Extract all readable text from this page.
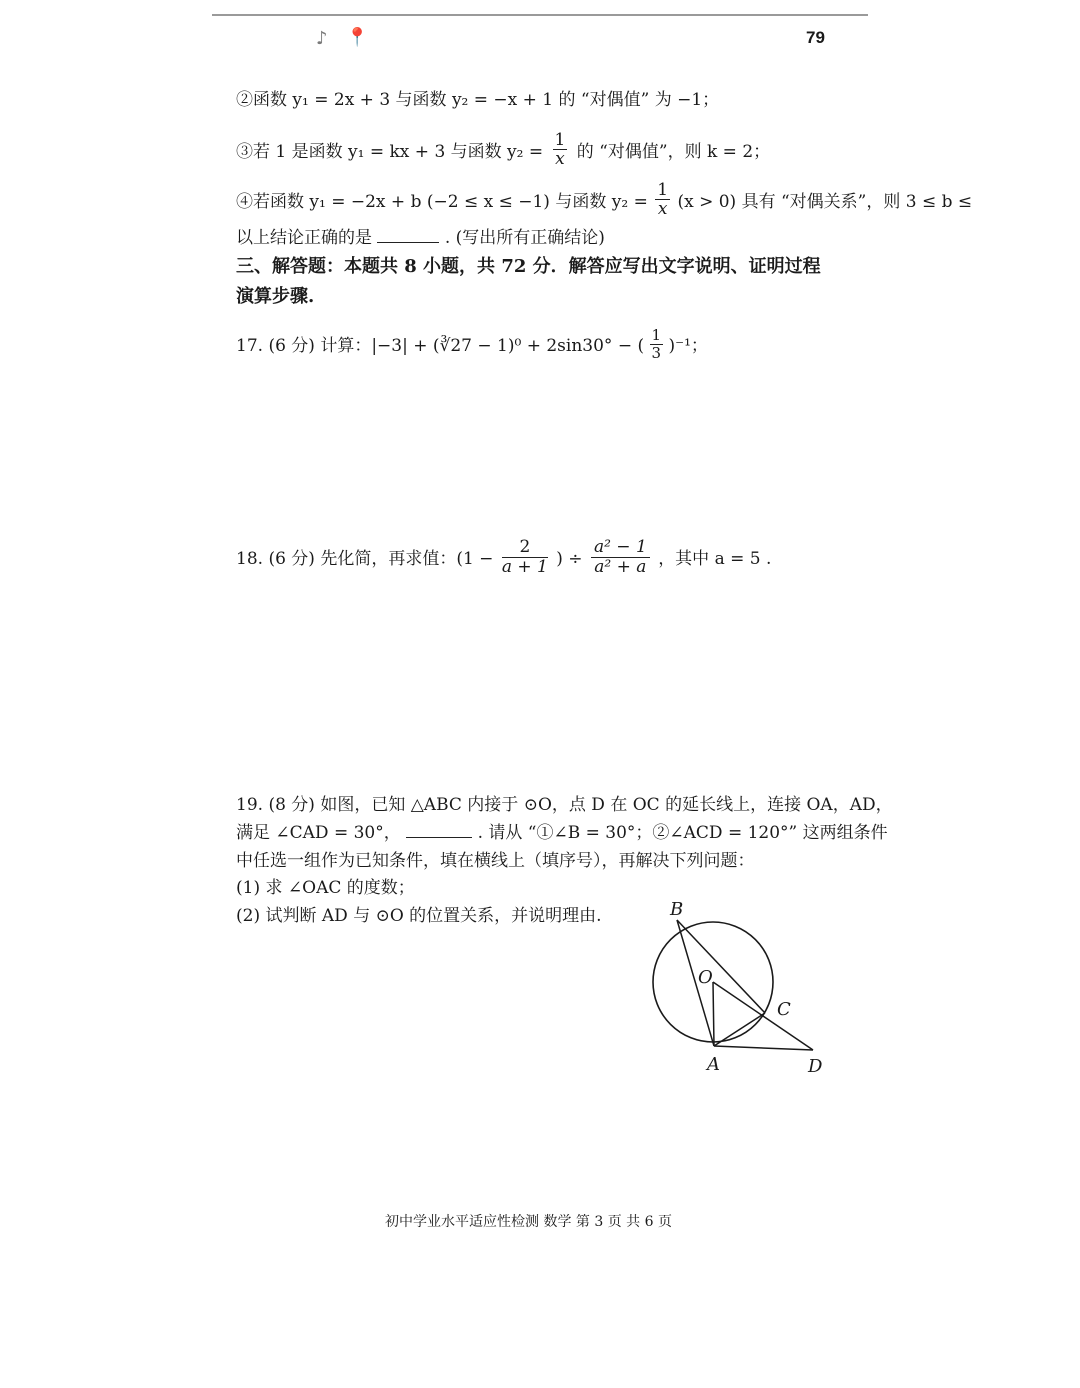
♪ 📍	79
②函数 y₁ = 2x + 3 与函数 y₂ = −x + 1 的 “对偶值” 为 −1；
③若 1 是函数 y₁ = kx + 3 与函数 $y_2 = \frac{1}{x}$ 的 “对偶值”，则 k = 2；
④若函数 y₁ = −2x + b (−2 ≤ x ≤ −1) 与函数 $y_2 = \frac{1}{x} (x > 0)$ 具有 “对偶关系”，则 3 ≤ b ≤
以上结论正确的是	. (写出所有正确结论)
三、解答题：本题共 8 小题，共 72 分．解答应写出文字说明、证明过程
演算步骤.
17. (6 分) 计算：|−3| + (∛27 − 1)⁰ + 2sin30° − ( $\frac{1}{3} )^{-1}$；
18. (6 分) 先化简，再求值：($1 - \frac{2}{a + 1}$ ) ÷ $\frac{\text{a² − 1}}{\text{a² + a}}$ ，其中 a = 5 .
19. (8 分) 如图，已知 △ABC 内接于 ⊙O，点 D 在 OC 的延长线上，连接 OA，AD，
满足 ∠CAD = 30°，	. 请从 “①∠B = 30°；②∠ACD = 120°” 这两组条件
中任选一组作为已知条件，填在横线上（填序号），再解决下列问题：
(1) 求 ∠OAC 的度数；
(2) 试判断 AD 与 ⊙O 的位置关系，并说明理由.	B
O
C
A	D
初中学业水平适应性检测 数学 第 3 页 共 6 页
